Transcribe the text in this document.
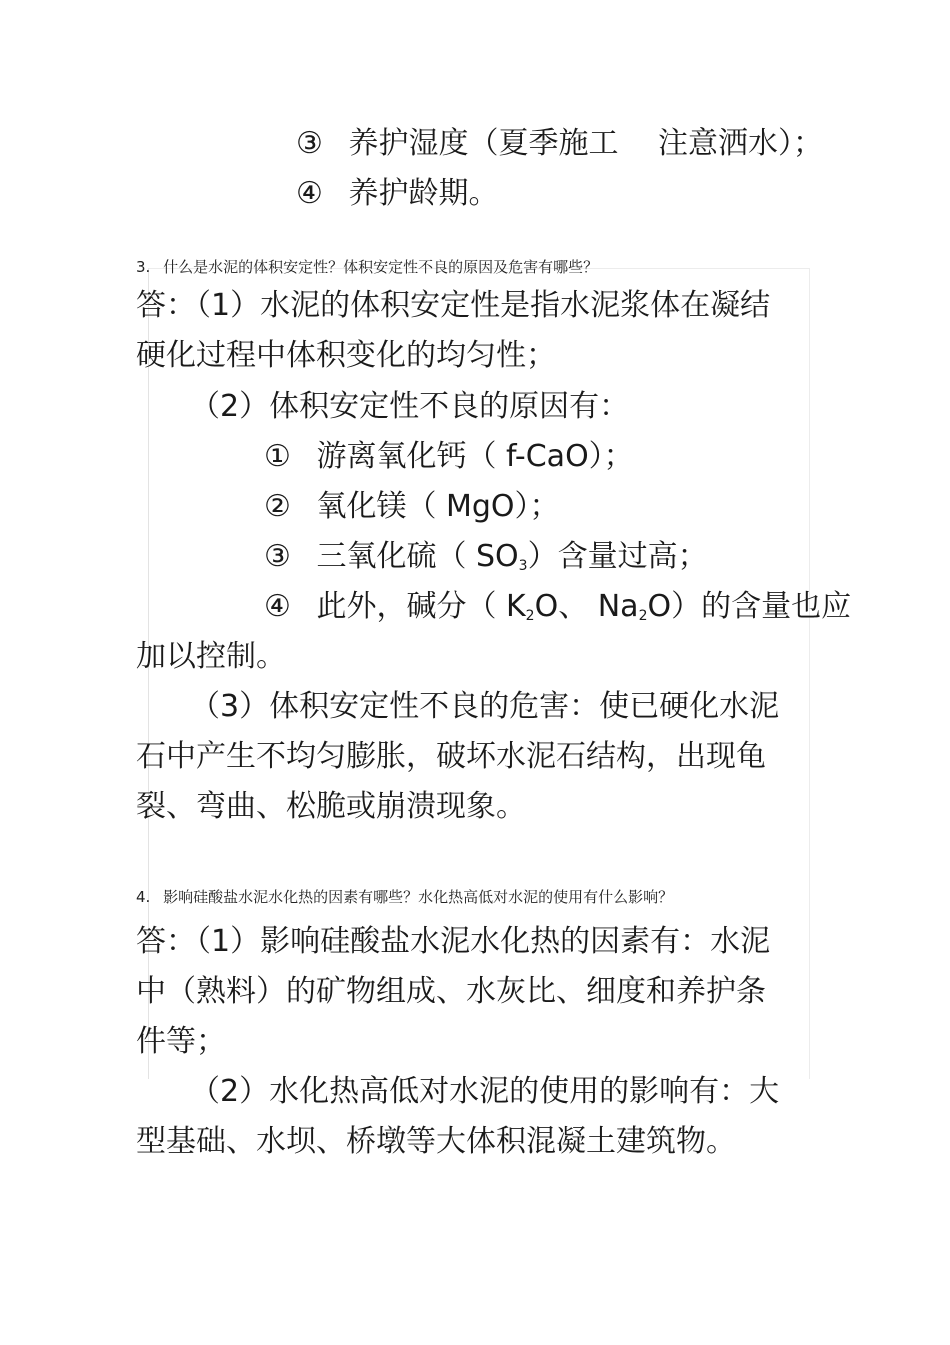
③ 养护湿度（夏季施工　 注意洒水）；
④ 养护龄期。
3. 什么是水泥的体积安定性？体积安定性不良的原因及危害有哪些？
答：（1）水泥的体积安定性是指水泥浆体在凝结
硬化过程中体积变化的均匀性；
（2）体积安定性不良的原因有：
① 游离氧化钙（ f-CaO）；
② 氧化镁（ MgO）；
③ 三氧化硫（ $SO_3$）含量过高；
④ 此外，碱分（ $K_2O$、 $Na_2O$）的含量也应
加以控制。
（3）体积安定性不良的危害：使已硬化水泥
石中产生不均匀膨胀，破坏水泥石结构，出现龟
裂、弯曲、松脆或崩溃现象。
4. 影响硅酸盐水泥水化热的因素有哪些？水化热高低对水泥的使用有什么影响？
答：（1）影响硅酸盐水泥水化热的因素有：水泥
中（熟料）的矿物组成、水灰比、细度和养护条
件等；
（2）水化热高低对水泥的使用的影响有：大
型基础、水坝、桥墩等大体积混凝土建筑物。
